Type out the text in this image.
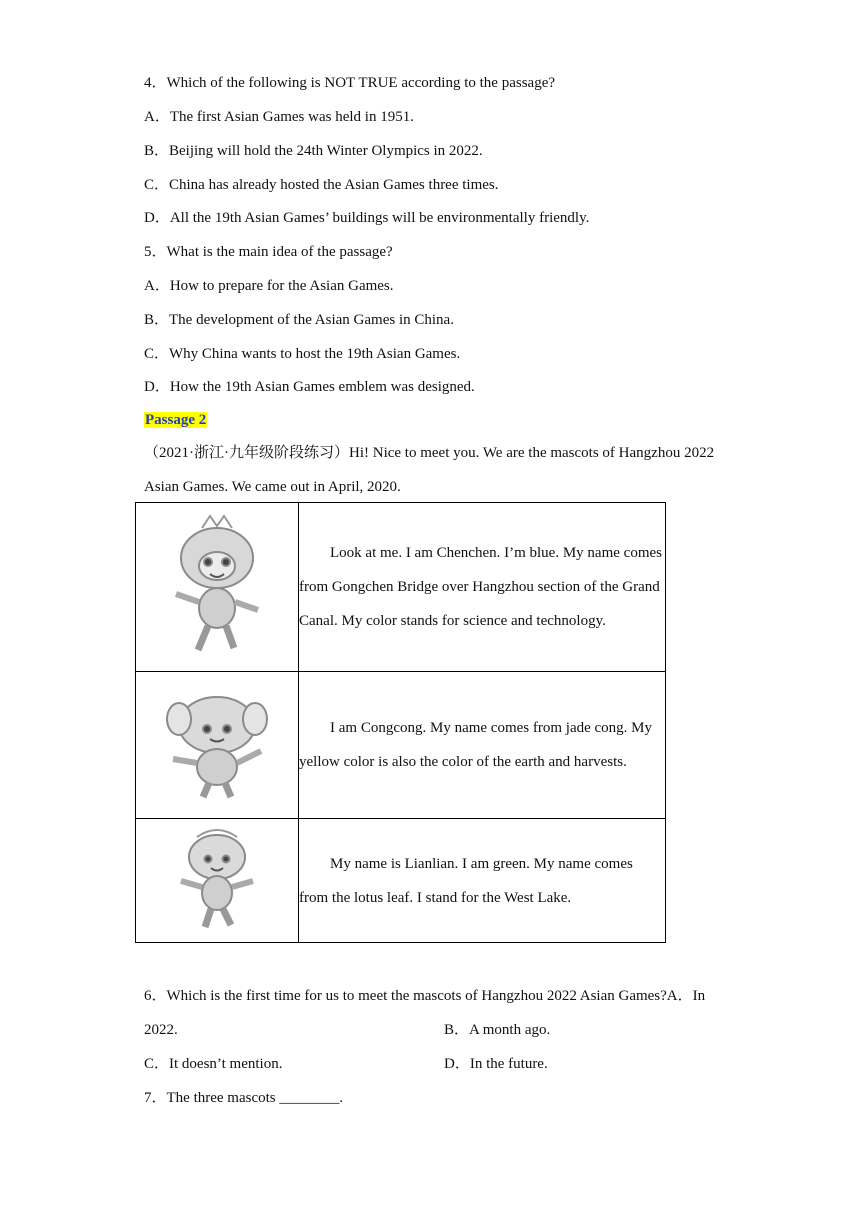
4．Which of the following is NOT TRUE according to the passage?
A．The first Asian Games was held in 1951.
B．Beijing will hold the 24th Winter Olympics in 2022.
C．China has already hosted the Asian Games three times.
D．All the 19th Asian Games’ buildings will be environmentally friendly.
5．What is the main idea of the passage?
A．How to prepare for the Asian Games.
B．The development of the Asian Games in China.
C．Why China wants to host the 19th Asian Games.
D．How the 19th Asian Games emblem was designed.
Passage 2
（2021·浙江·九年级阶段练习）Hi! Nice to meet you. We are the mascots of Hangzhou 2022
Asian Games. We came out in April, 2020.

Look at me. I am Chenchen. I’m blue. My name comes from Gongchen Bridge over Hangzhou section of the Grand Canal. My color stands for science and technology.

I am Congcong. My name comes from jade cong. My yellow color is also the color of the earth and harvests.

My name is Lianlian. I am green. My name comes from the lotus leaf. I stand for the West Lake.

6．Which is the first time for us to meet the mascots of Hangzhou 2022 Asian Games?A．In
2022.	B．A month ago.
C．It doesn’t mention.	D．In the future.
7．The three mascots ________.
